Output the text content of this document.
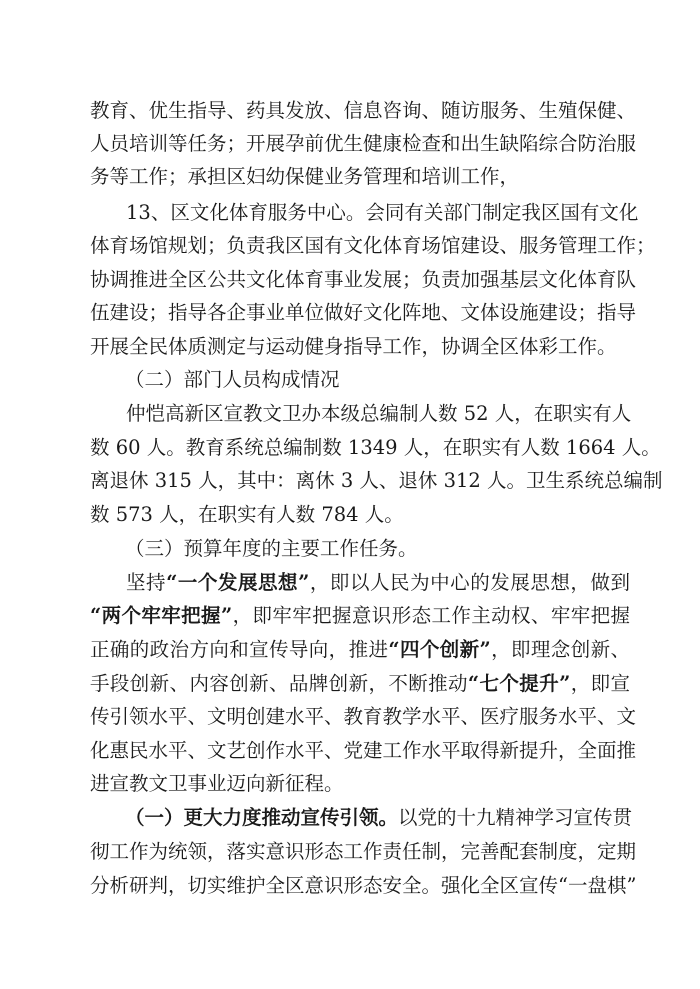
教育、优生指导、药具发放、信息咨询、随访服务、生殖保健、
人员培训等任务；开展孕前优生健康检查和出生缺陷综合防治服
务等工作；承担区妇幼保健业务管理和培训工作，
13、区文化体育服务中心。会同有关部门制定我区国有文化
体育场馆规划；负责我区国有文化体育场馆建设、服务管理工作；
协调推进全区公共文化体育事业发展；负责加强基层文化体育队
伍建设；指导各企事业单位做好文化阵地、文体设施建设；指导
开展全民体质测定与运动健身指导工作，协调全区体彩工作。
（二）部门人员构成情况
仲恺高新区宣教文卫办本级总编制人数 52 人，在职实有人
数 60 人。教育系统总编制数 1349 人，在职实有人数 1664 人。
离退休 315 人，其中：离休 3 人、退休 312 人。卫生系统总编制
数 573 人，在职实有人数 784 人。
（三）预算年度的主要工作任务。
坚持“一个发展思想”，即以人民为中心的发展思想，做到
“两个牢牢把握”，即牢牢把握意识形态工作主动权、牢牢把握
正确的政治方向和宣传导向，推进“四个创新”，即理念创新、
手段创新、内容创新、品牌创新，不断推动“七个提升”，即宣
传引领水平、文明创建水平、教育教学水平、医疗服务水平、文
化惠民水平、文艺创作水平、党建工作水平取得新提升，全面推
进宣教文卫事业迈向新征程。
（一）更大力度推动宣传引领。以党的十九精神学习宣传贯
彻工作为统领，落实意识形态工作责任制，完善配套制度，定期
分析研判，切实维护全区意识形态安全。强化全区宣传“一盘棋”
